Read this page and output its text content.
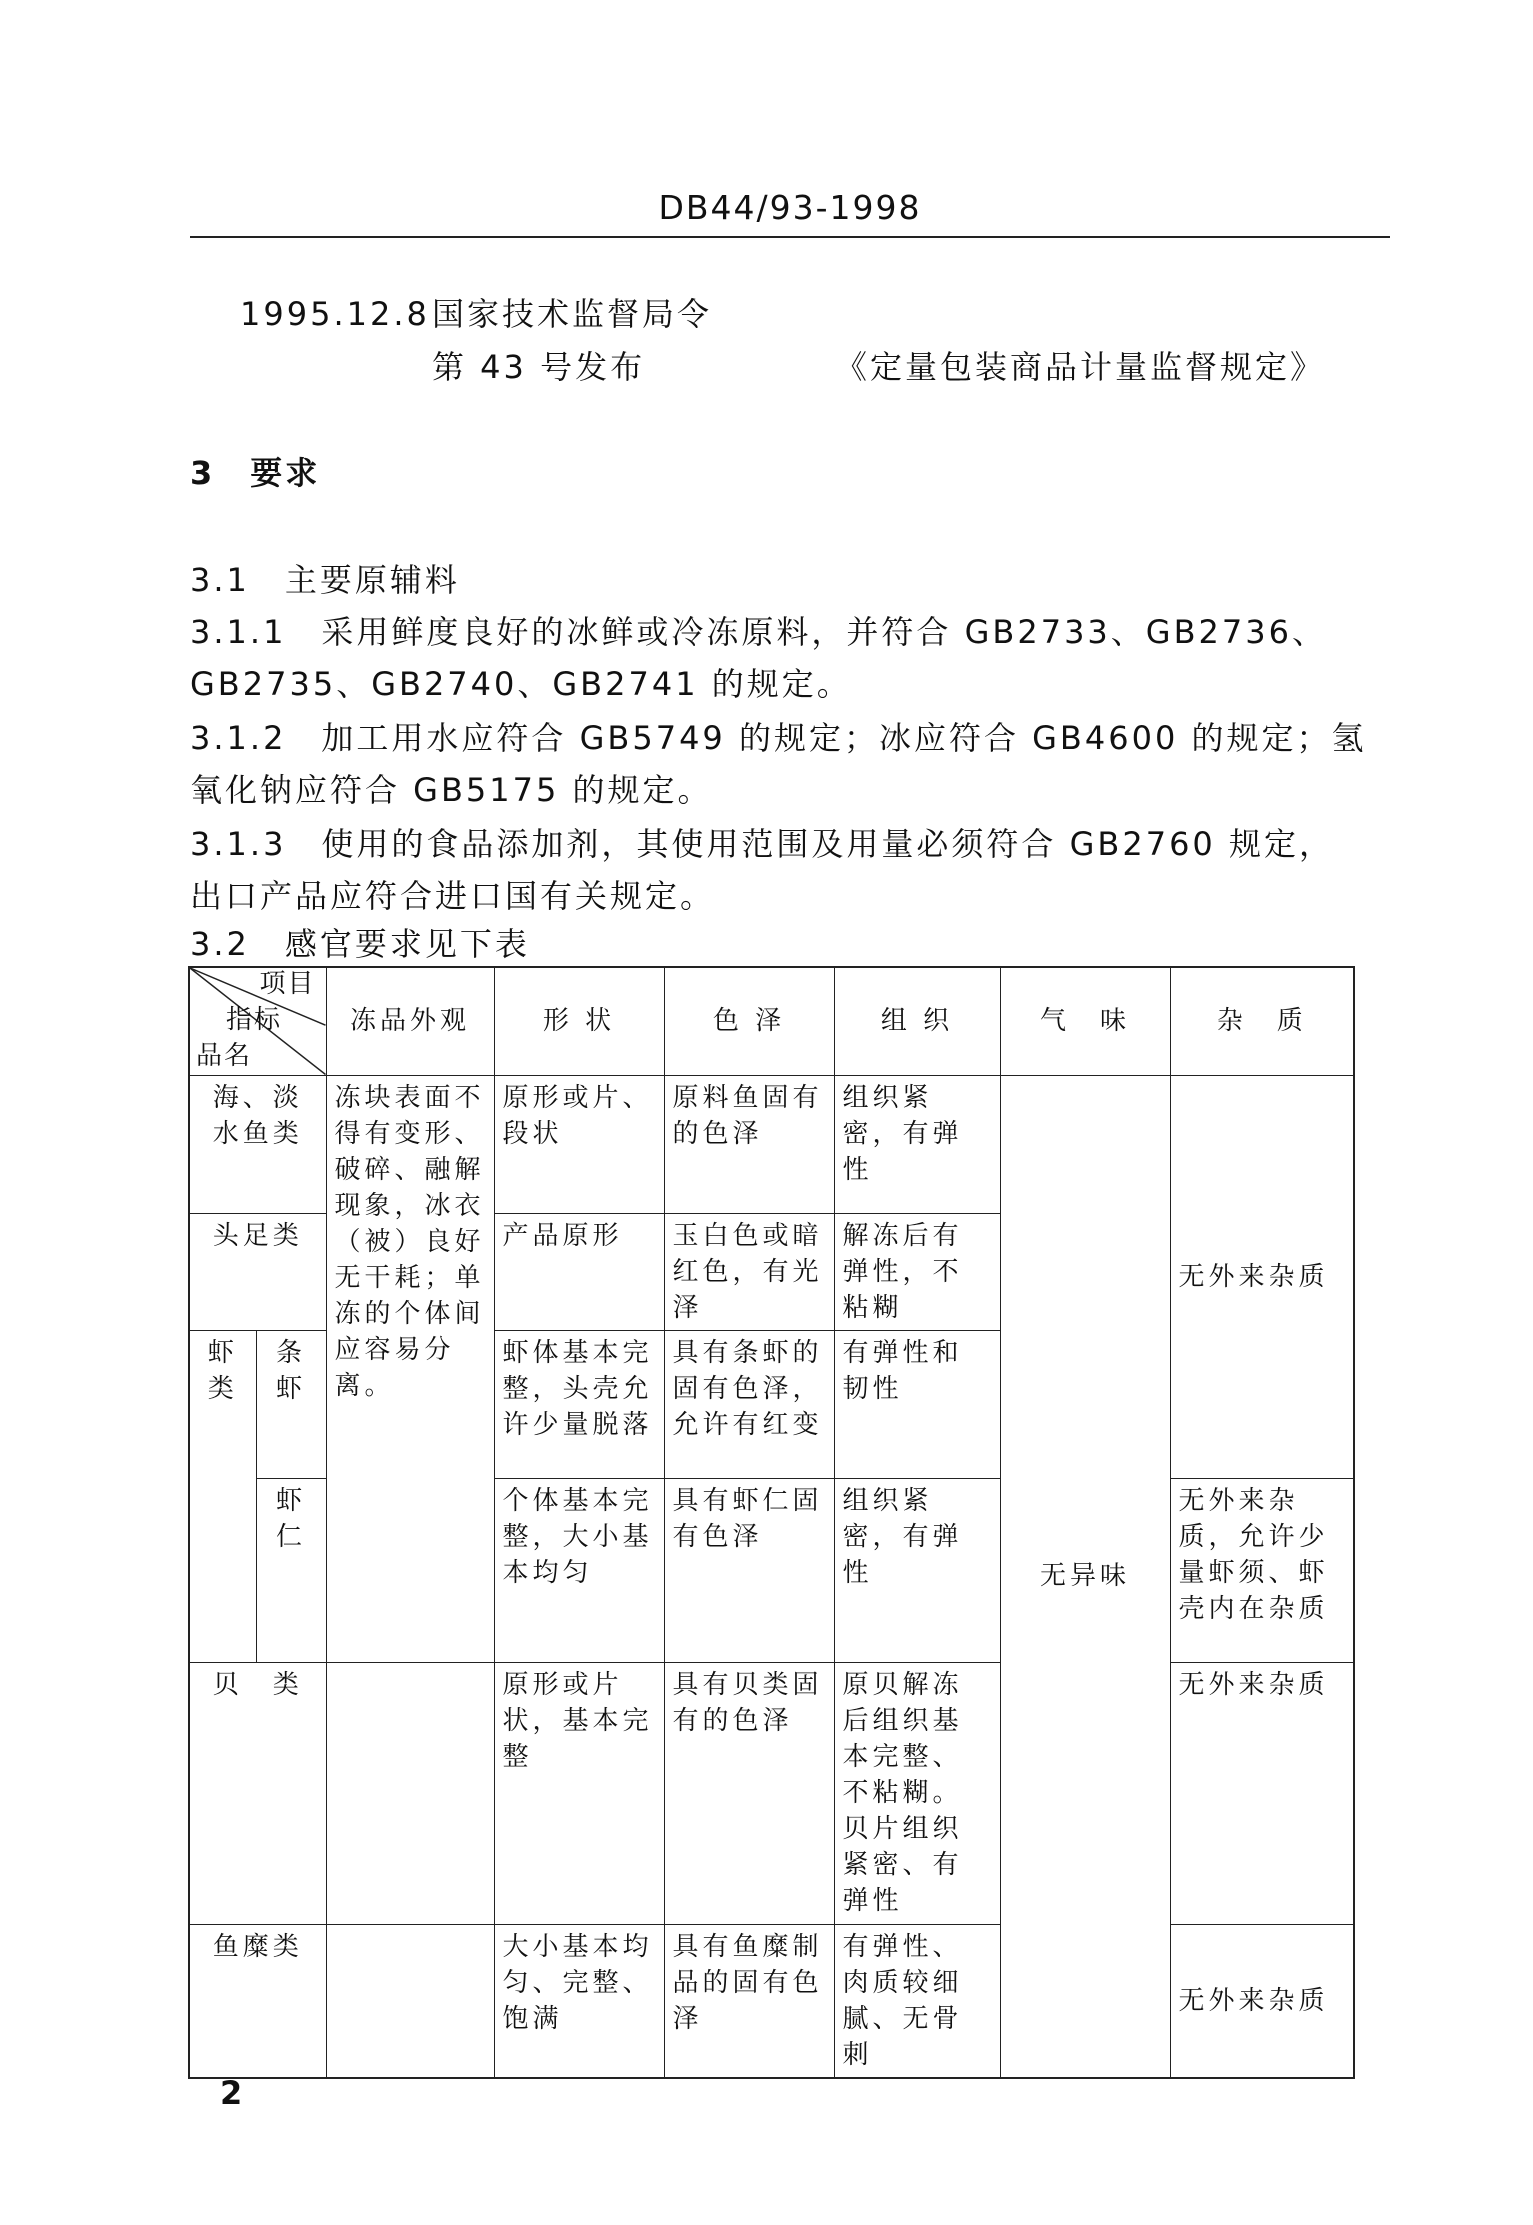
DB44/93-1998
1995.12.8 国家技术监督局令
第 43 号发布	《定量包装商品计量监督规定》
3　要求
3.1　主要原辅料
3.1.1　采用鲜度良好的冰鲜或冷冻原料，并符合 GB2733、GB2736、
GB2735、GB2740、GB2741 的规定。
3.1.2　加工用水应符合 GB5749 的规定；冰应符合 GB4600 的规定；氢
氧化钠应符合 GB5175 的规定。
3.1.3　使用的食品添加剂，其使用范围及用量必须符合 GB2760 规定，
出口产品应符合进口国有关规定。
3.2　感官要求见下表
项目
指标
品名		冻品外观	形 状	色 泽	组 织	气　味	杂　质
海、淡水鱼类		冻块表面不得有变形、破碎、融解现象，冰衣（被）良好无干耗；单冻的个体间应容易分离。	原形或片、段状	原料鱼固有的色泽	组织紧密，有弹性	无异味	无外来杂质
头足类			产品原形	玉白色或暗红色，有光泽	解冻后有弹性，不粘糊		
虾类	条虾		虾体基本完整，头壳允许少量脱落	具有条虾的固有色泽，允许有红变	有弹性和韧性		
	虾仁		个体基本完整，大小基本均匀	具有虾仁固有色泽	组织紧密，有弹性		无外来杂质，允许少量虾须、虾壳内在杂质
贝　类			原形或片状，基本完整	具有贝类固有的色泽	原贝解冻后组织基本完整、不粘糊。贝片组织紧密、有弹性		无外来杂质
鱼糜类			大小基本均匀、完整、饱满	具有鱼糜制品的固有色泽	有弹性、肉质较细腻、无骨刺		无外来杂质
2
